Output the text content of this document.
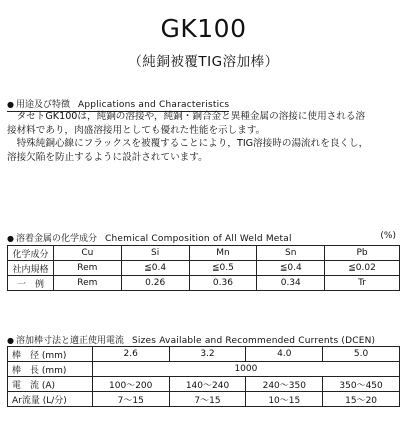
GK100
（純銅被覆TIG溶加棒）
● 用途及び特徴 Applications and Characteristics
　タセトGK100は，純銅の溶接や，純銅・銅合金と異種金属の溶接に使用される溶
接材料であり，肉盛溶接用としても優れた性能を示します。
　特殊純銅心線にフラックスを被覆することにより，TIG溶接時の湯流れを良くし，
溶接欠陥を防止するように設計されています。
● 溶着金属の化学成分 Chemical Composition of All Weld Metal	(%)
化学成分	Cu	Si	Mn	Sn	Pb
社内規格	Rem	≦0.4	≦0.5	≦0.4	≦0.02
一　例	Rem	0.26	0.36	0.34	Tr
● 溶加棒寸法と適正使用電流 Sizes Available and Recommended Currents (DCEN)
棒　径 (mm)	2.6	3.2	4.0	5.0
棒　長 (mm)	1000			
電　流 (A)	100～200	140～240	240～350	350～450
Ar流量 (L/分)	7～15	7～15	10～15	15～20
